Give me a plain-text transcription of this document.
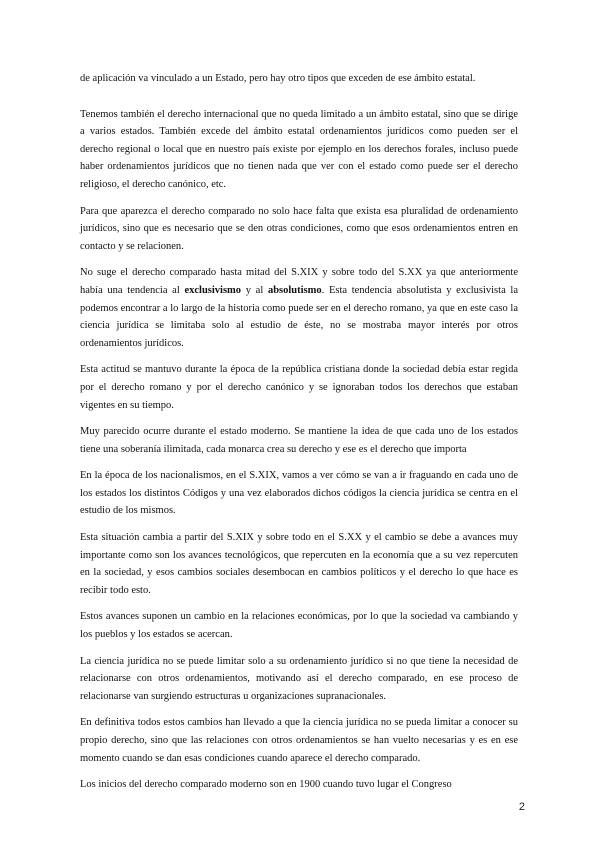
de aplicación va vinculado a un Estado, pero hay otro tipos que exceden de ese ámbito estatal.

Tenemos también el derecho internacional que no queda limitado a un ámbito estatal, sino que se dirige a varios estados. También excede del ámbito estatal ordenamientos jurídicos como pueden ser el derecho regional o local que en nuestro país existe por ejemplo en los derechos forales, incluso puede haber ordenamientos jurídicos que no tienen nada que ver con el estado como puede ser el derecho religioso, el derecho canónico, etc.

Para que aparezca el derecho comparado no solo hace falta que exista esa pluralidad de ordenamiento jurídicos, sino que es necesario que se den otras condiciones, como que esos ordenamientos entren en contacto y se relacionen.

No suge el derecho comparado hasta mitad del S.XIX y sobre todo del S.XX ya que anteriormente había una tendencia al exclusivismo y al absolutismo. Esta tendencia absolutista y exclusivista la podemos encontrar a lo largo de la historia como puede ser en el derecho romano, ya que en este caso la ciencia jurídica se limitaba solo al estudio de éste, no se mostraba mayor interés por otros ordenamientos jurídicos.

Esta actitud se mantuvo durante la época de la república cristiana donde la sociedad debía estar regida por el derecho romano y por el derecho canónico y se ignoraban todos los derechos que estaban vigentes en su tiempo.

Muy parecido ocurre durante el estado moderno. Se mantiene la idea de que cada uno de los estados tiene una soberanía ilimitada, cada monarca crea su derecho y ese es el derecho que importa

En la época de los nacionalismos, en el S.XIX, vamos a ver cómo se van a ir fraguando en cada uno de los estados los distintos Códigos y una vez elaborados dichos códigos la ciencia jurídica se centra en el estudio de los mismos.

Esta situación cambia a partir del S.XIX y sobre todo en el S.XX y el cambio se debe a avances muy importante como son los avances tecnológicos, que repercuten en la economía que a su vez repercuten en la sociedad, y esos cambios sociales desembocan en cambios políticos y el derecho lo que hace es recibir todo esto.

Estos avances suponen un cambio en la relaciones económicas, por lo que la sociedad va cambiando y los pueblos y los estados se acercan.

La ciencia jurídica no se puede limitar solo a su ordenamiento jurídico si no que tiene la necesidad de relacionarse con otros ordenamientos, motivando así el derecho comparado, en ese proceso de relacionarse van surgiendo estructuras u organizaciones supranacionales.

En definitiva todos estos cambios han llevado a que la ciencia jurídica no se pueda limitar a conocer su propio derecho, sino que las relaciones con otros ordenamientos se han vuelto necesarias y es en ese momento cuando se dan esas condiciones cuando aparece el derecho comparado.

Los inicios del derecho comparado moderno son en 1900 cuando tuvo lugar el Congreso

2
